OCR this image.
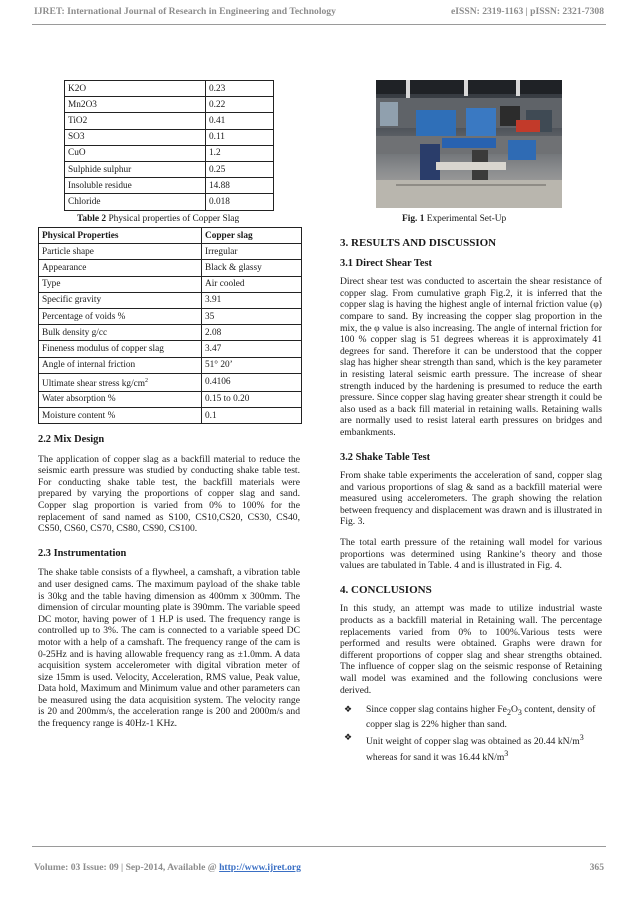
IJRET: International Journal of Research in Engineering and Technology	eISSN: 2319-1163 | pISSN: 2321-7308
K2O	0.23
Mn2O3	0.22
TiO2	0.41
SO3	0.11
CuO	1.2
Sulphide sulphur	0.25
Insoluble residue	14.88
Chloride	0.018
Table 2 Physical properties of Copper Slag
Physical Properties	Copper slag
Particle shape	Irregular
Appearance	Black & glassy
Type	Air cooled
Specific gravity	3.91
Percentage of voids %	35
Bulk density g/cc	2.08
Fineness modulus of copper slag	3.47
Angle of internal friction	51° 20’
Ultimate shear stress $kg/cm^2$	0.4106
Water absorption %	0.15 to 0.20
Moisture content %	0.1

2.2 Mix Design

The application of copper slag as a backfill material to reduce the seismic earth pressure was studied by conducting shake table test. For conducting shake table test, the backfill materials were prepared by varying the proportions of copper slag and sand. Copper slag proportion is varied from 0% to 100% for the replacement of sand named as S100, CS10,CS20, CS30, CS40, CS50, CS60, CS70, CS80, CS90, CS100.

2.3 Instrumentation

The shake table consists of a flywheel, a camshaft, a vibration table and user designed cams. The maximum payload of the shake table is 30kg and the table having dimension as 400mm x 300mm. The dimension of circular mounting plate is 390mm. The variable speed DC motor, having power of 1 H.P is used. The frequency range is controlled up to 3%. The cam is connected to a variable speed DC motor with a help of a camshaft. The frequency range of the cam is 0-25Hz and is having allowable frequency rang as ±1.0mm. A data acquisition system accelerometer with digital vibration meter of size 15mm is used. Velocity, Acceleration, RMS value, Peak value, Data hold, Maximum and Minimum value and other parameters can be measured using the data acquisition system. The velocity range is 20 and 200mm/s, the acceleration range is 200 and 2000m/s and the frequency range is 40Hz-1 KHz.

Fig. 1 Experimental Set-Up

3. RESULTS AND DISCUSSION

3.1 Direct Shear Test

Direct shear test was conducted to ascertain the shear resistance of copper slag. From cumulative graph Fig.2, it is inferred that the copper slag is having the highest angle of internal friction value (φ) compare to sand. By increasing the copper slag proportion in the mix, the φ value is also increasing. The angle of internal friction for 100 % copper slag is 51 degrees whereas it is approximately 41 degrees for sand. Therefore it can be understood that the copper slag has higher shear strength than sand, which is the key parameter in resisting lateral seismic earth pressure. The increase of shear strength induced by the hardening is presumed to reduce the earth pressure. Since copper slag having greater shear strength it could be also used as a back fill material in retaining walls. Retaining walls are normally used to resist lateral earth pressures on bridges and embankments.

3.2 Shake Table Test

From shake table experiments the acceleration of sand, copper slag and various proportions of slag & sand as a backfill material were measured using accelerometers. The graph showing the relation between frequency and displacement was drawn and is illustrated in Fig. 3.

The total earth pressure of the retaining wall model for various proportions was determined using Rankine’s theory and those values are tabulated in Table. 4 and is illustrated in Fig. 4.

4. CONCLUSIONS

In this study, an attempt was made to utilize industrial waste products as a backfill material in Retaining wall. The percentage replacements varied from 0% to 100%.Various tests were performed and results were obtained. Graphs were drawn for different proportions of copper slag and shear strengths obtained. The influence of copper slag on the seismic response of Retaining wall model was examined and the following conclusions were derived.

❖	Since copper slag contains higher $Fe_2O_3$ content, density of copper slag is 22% higher than sand.
❖	Unit weight of copper slag was obtained as 20.44 $kN/m^3$ whereas for sand it was 16.44 $kN/m^3$
Volume: 03 Issue: 09 | Sep-2014, Available @ http://www.ijret.org	365
